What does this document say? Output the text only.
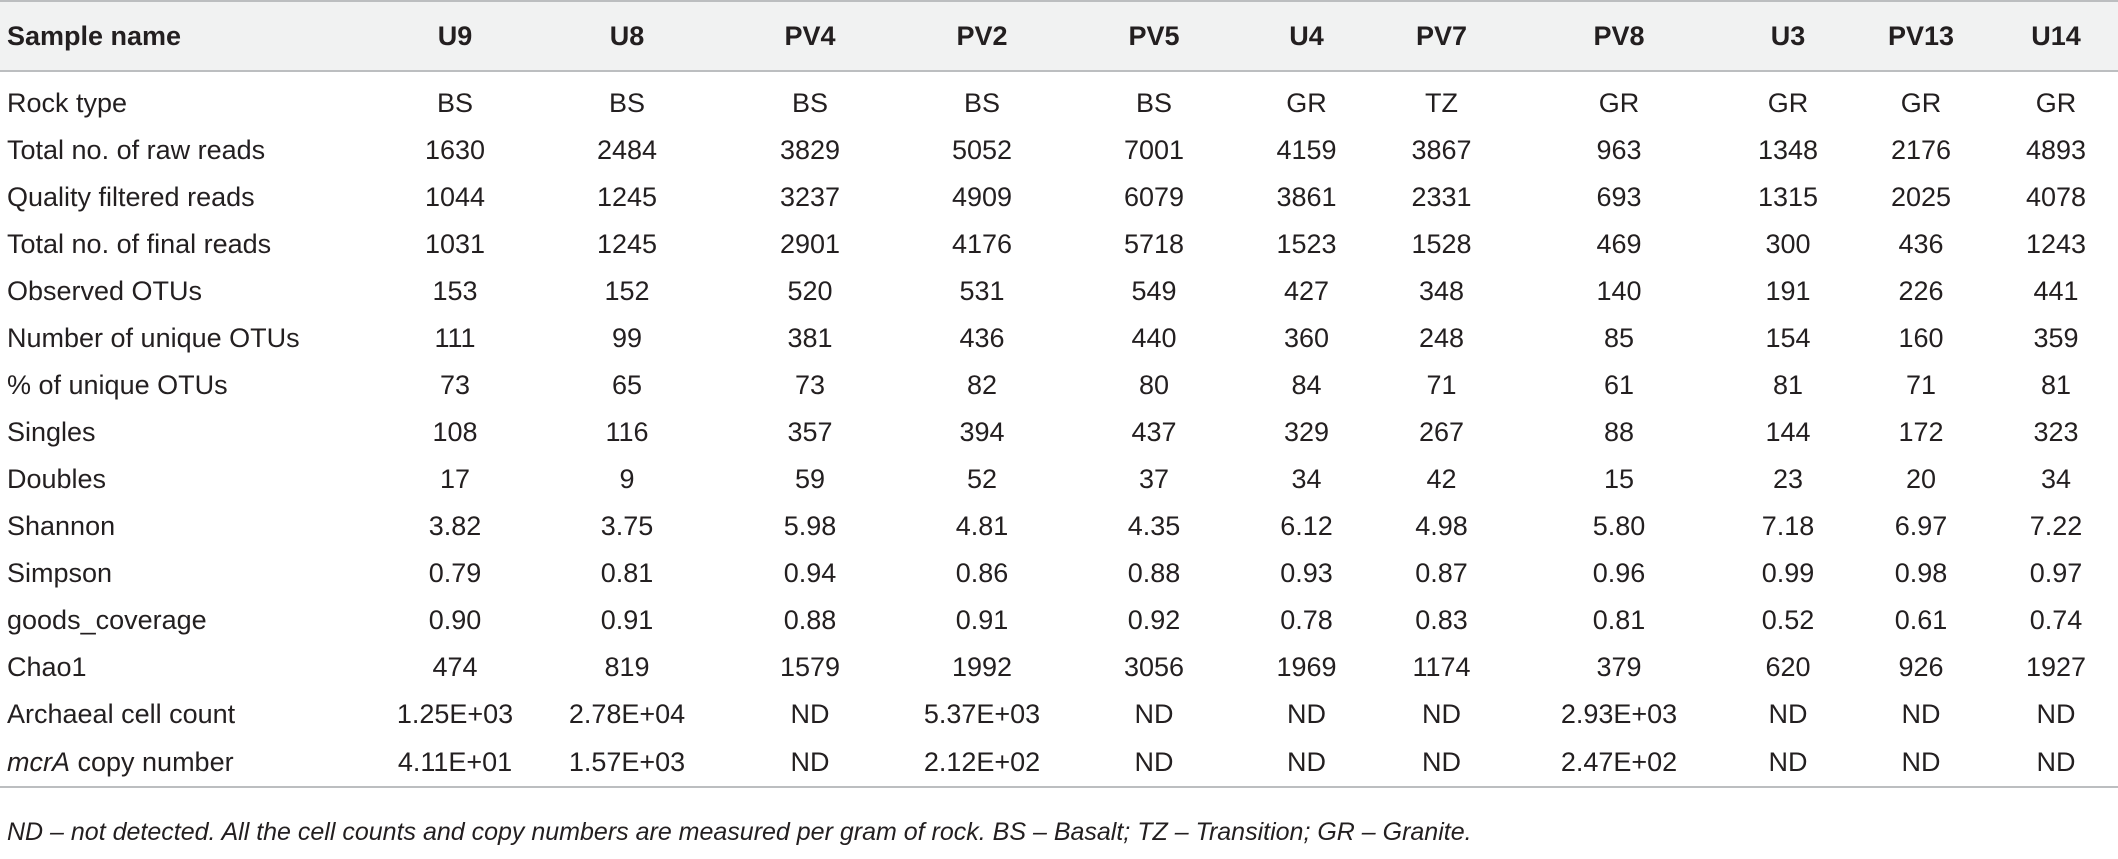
Sample name	U9	U8	PV4	PV2	PV5	U4	PV7	PV8	U3	PV13	U14
Rock type	BS	BS	BS	BS	BS	GR	TZ	GR	GR	GR	GR
Total no. of raw reads	1630	2484	3829	5052	7001	4159	3867	963	1348	2176	4893
Quality filtered reads	1044	1245	3237	4909	6079	3861	2331	693	1315	2025	4078
Total no. of final reads	1031	1245	2901	4176	5718	1523	1528	469	300	436	1243
Observed OTUs	153	152	520	531	549	427	348	140	191	226	441
Number of unique OTUs	111	99	381	436	440	360	248	85	154	160	359
% of unique OTUs	73	65	73	82	80	84	71	61	81	71	81
Singles	108	116	357	394	437	329	267	88	144	172	323
Doubles	17	9	59	52	37	34	42	15	23	20	34
Shannon	3.82	3.75	5.98	4.81	4.35	6.12	4.98	5.80	7.18	6.97	7.22
Simpson	0.79	0.81	0.94	0.86	0.88	0.93	0.87	0.96	0.99	0.98	0.97
goods_coverage	0.90	0.91	0.88	0.91	0.92	0.78	0.83	0.81	0.52	0.61	0.74
Chao1	474	819	1579	1992	3056	1969	1174	379	620	926	1927
Archaeal cell count	1.25E+03	2.78E+04	ND	5.37E+03	ND	ND	ND	2.93E+03	ND	ND	ND
mcrA copy number	4.11E+01	1.57E+03	ND	2.12E+02	ND	ND	ND	2.47E+02	ND	ND	ND
ND – not detected. All the cell counts and copy numbers are measured per gram of rock. BS – Basalt; TZ – Transition; GR – Granite.
